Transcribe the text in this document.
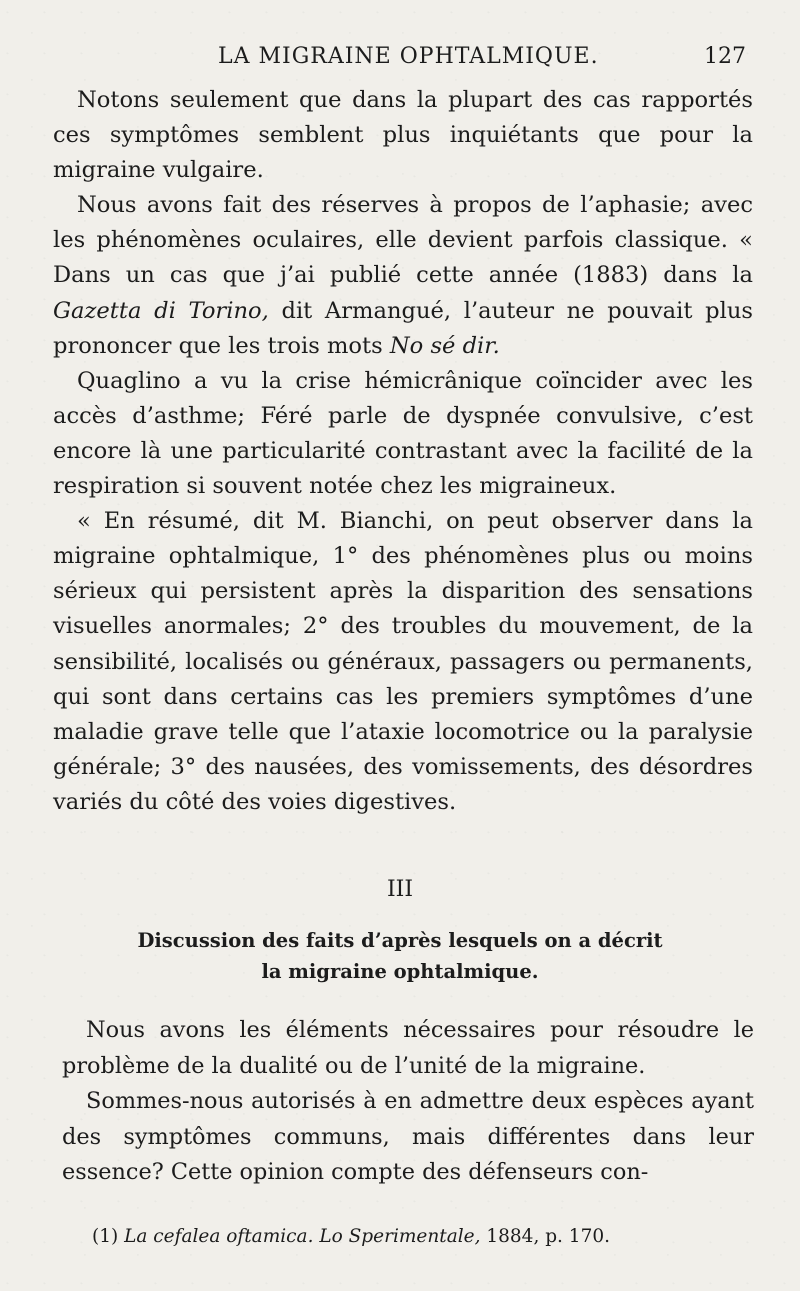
LA MIGRAINE OPHTALMIQUE.	127

Notons seulement que dans la plupart des cas rapportés ces symptômes semblent plus inquiétants que pour la migraine vulgaire.

Nous avons fait des réserves à propos de l’aphasie; avec les phénomènes oculaires, elle devient parfois classique. « Dans un cas que j’ai publié cette année (1883) dans la Gazetta di Torino, dit Armangué, l’auteur ne pouvait plus prononcer que les trois mots No sé dir.

Quaglino a vu la crise hémicrânique coïncider avec les accès d’asthme; Féré parle de dyspnée convulsive, c’est encore là une particularité contrastant avec la facilité de la respiration si souvent notée chez les migraineux.

« En résumé, dit M. Bianchi, on peut observer dans la migraine ophtalmique, 1° des phénomènes plus ou moins sérieux qui persistent après la disparition des sensations visuelles anormales; 2° des troubles du mouvement, de la sensibilité, localisés ou généraux, passagers ou permanents, qui sont dans certains cas les premiers symptômes d’une maladie grave telle que l’ataxie locomotrice ou la paralysie générale; 3° des nausées, des vomissements, des désordres variés du côté des voies digestives.

III
Discussion des faits d’après lesquels on a décrit
la migraine ophtalmique.

Nous avons les éléments nécessaires pour résoudre le problème de la dualité ou de l’unité de la migraine.

Sommes-nous autorisés à en admettre deux espèces ayant des symptômes communs, mais différentes dans leur essence? Cette opinion compte des défenseurs con-

(1) La cefalea oftamica. Lo Sperimentale, 1884, p. 170.
